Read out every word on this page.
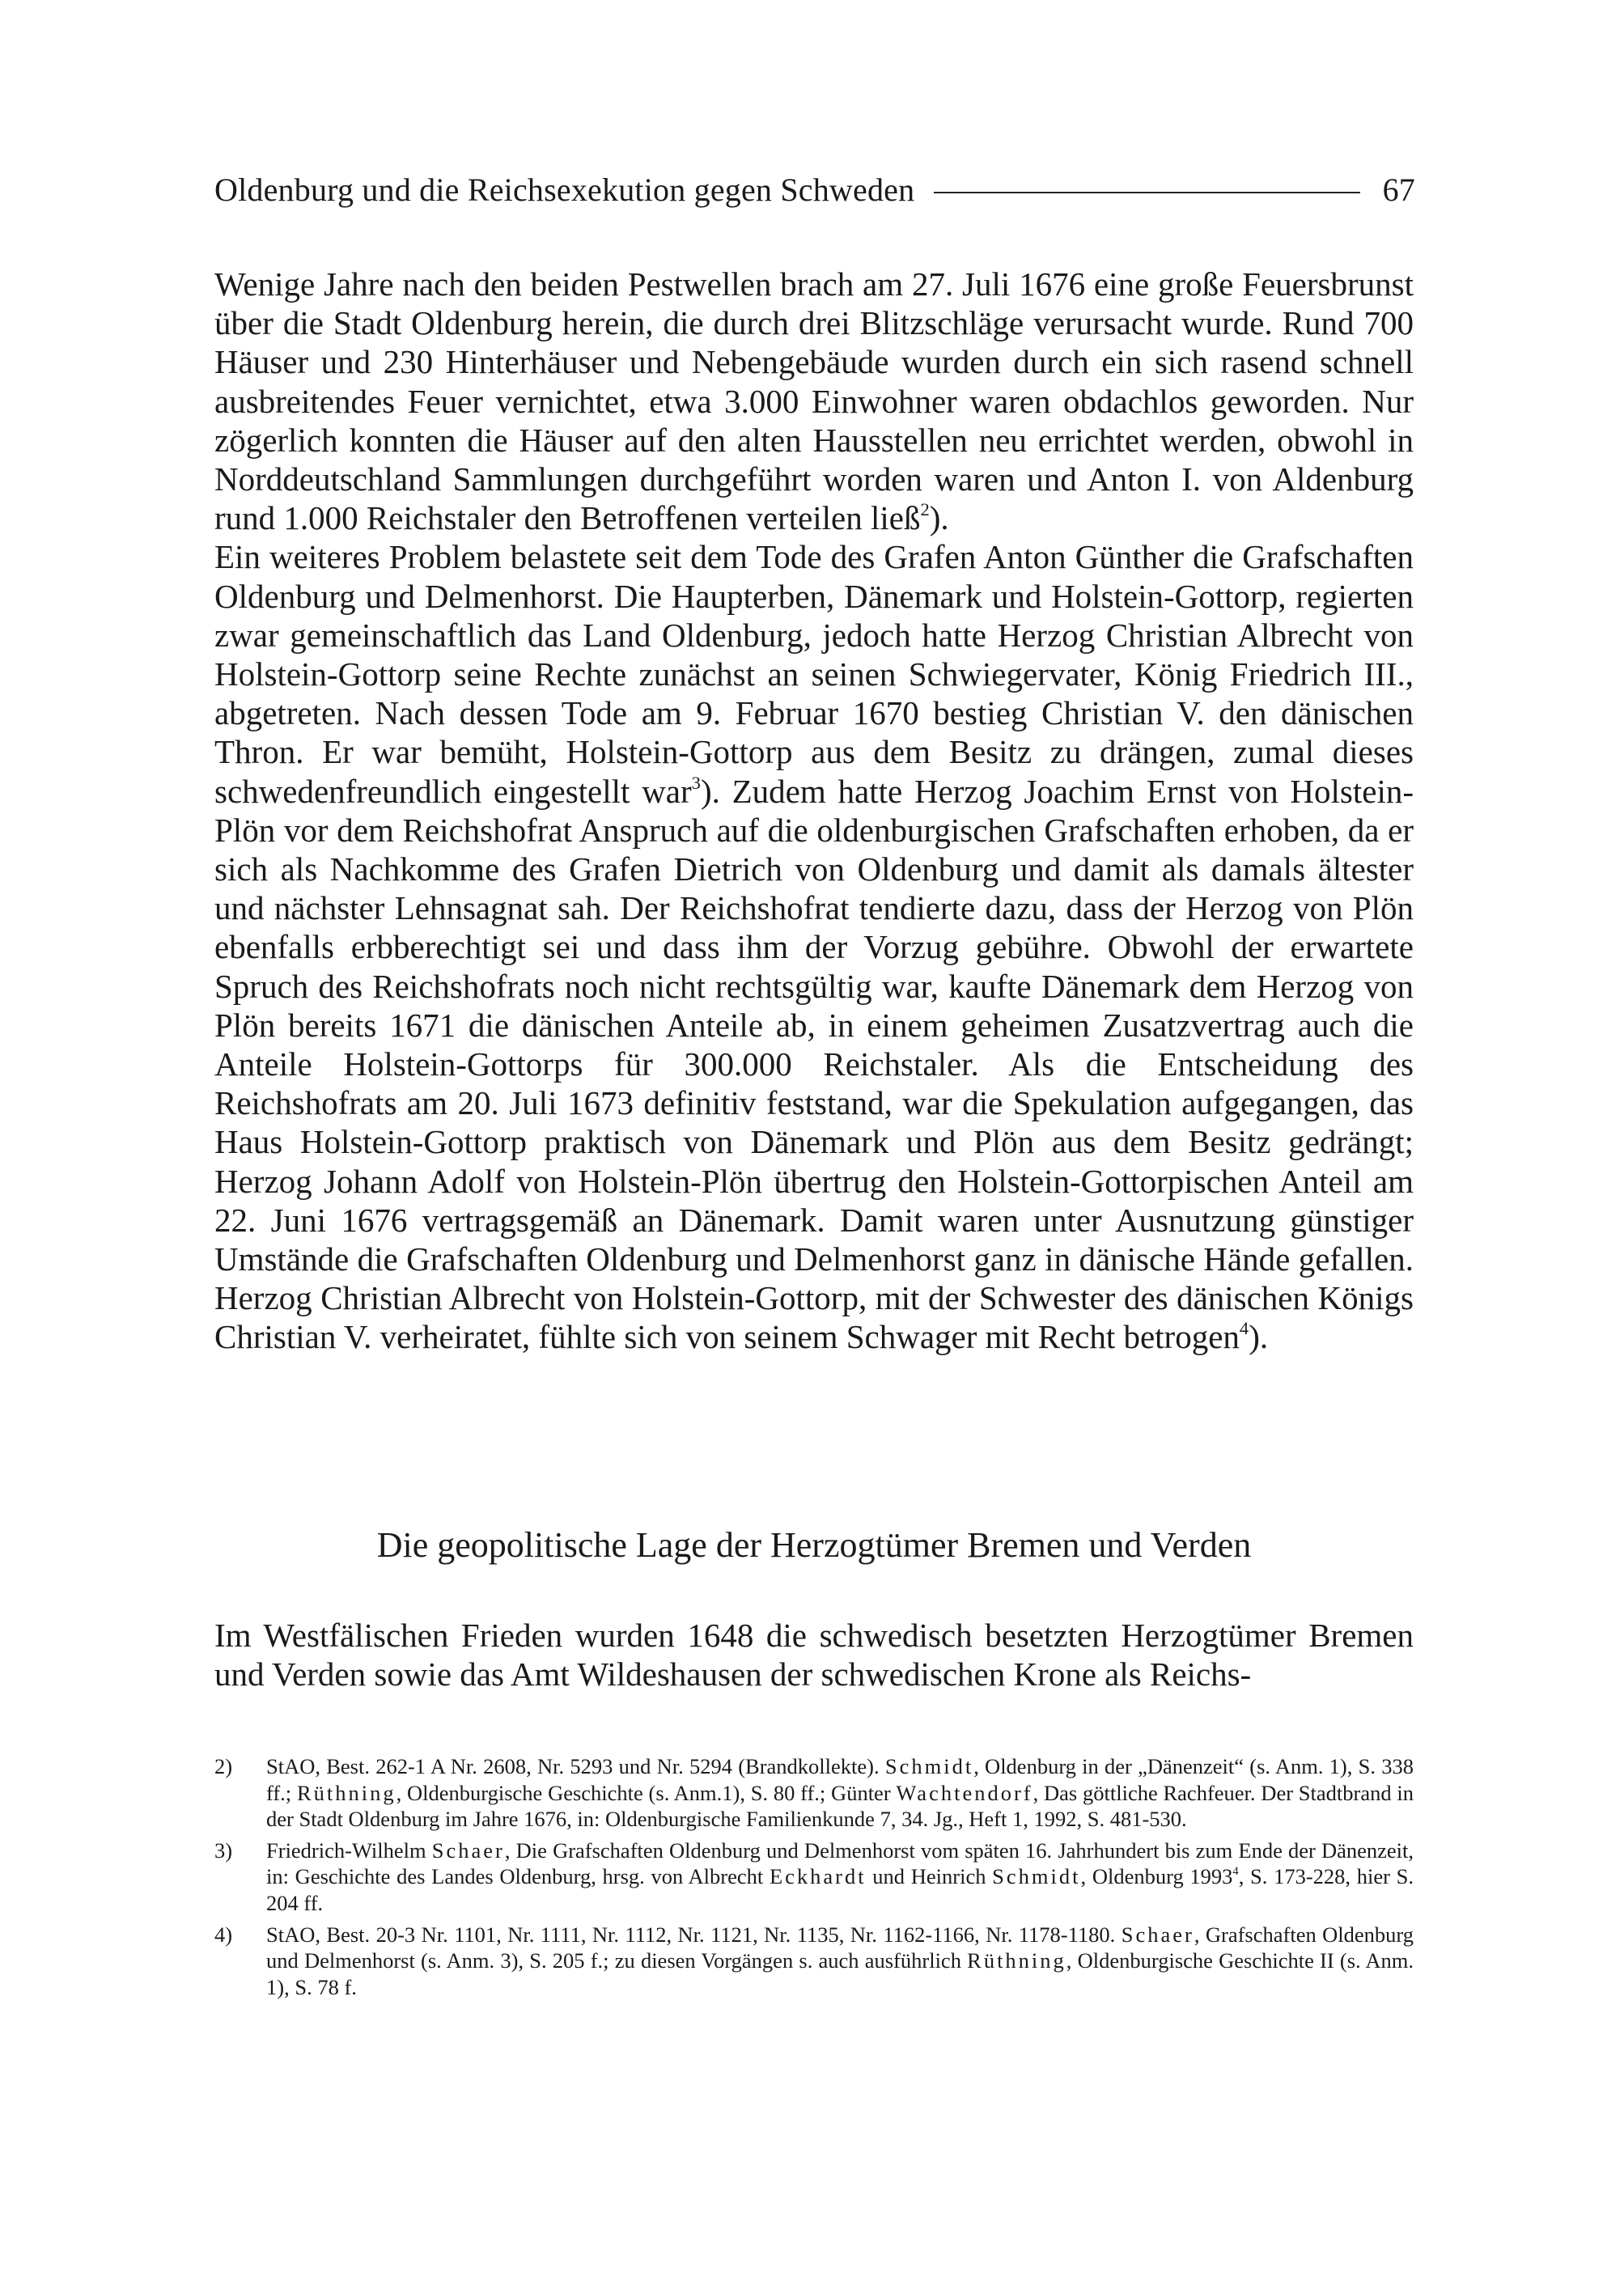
Oldenburg und die Reichsexekution gegen Schweden	67

Wenige Jahre nach den beiden Pestwellen brach am 27. Juli 1676 eine große Feuersbrunst über die Stadt Oldenburg herein, die durch drei Blitzschläge verursacht wurde. Rund 700 Häuser und 230 Hinterhäuser und Nebengebäude wurden durch ein sich rasend schnell ausbreitendes Feuer vernichtet, etwa 3.000 Einwohner waren obdachlos geworden. Nur zögerlich konnten die Häuser auf den alten Hausstellen neu errichtet werden, obwohl in Norddeutschland Sammlungen durchgeführt worden waren und Anton I. von Aldenburg rund 1.000 Reichstaler den Betroffenen verteilen ließ$^2$).

Ein weiteres Problem belastete seit dem Tode des Grafen Anton Günther die Grafschaften Oldenburg und Delmenhorst. Die Haupterben, Dänemark und Holstein-Gottorp, regierten zwar gemeinschaftlich das Land Oldenburg, jedoch hatte Herzog Christian Albrecht von Holstein-Gottorp seine Rechte zunächst an seinen Schwiegervater, König Friedrich III., abgetreten. Nach dessen Tode am 9. Februar 1670 bestieg Christian V. den dänischen Thron. Er war bemüht, Holstein-Gottorp aus dem Besitz zu drängen, zumal dieses schwedenfreundlich eingestellt war$^3$). Zudem hatte Herzog Joachim Ernst von Holstein-Plön vor dem Reichshofrat Anspruch auf die oldenburgischen Grafschaften erhoben, da er sich als Nachkomme des Grafen Dietrich von Oldenburg und damit als damals ältester und nächster Lehnsagnat sah. Der Reichshofrat tendierte dazu, dass der Herzog von Plön ebenfalls erbberechtigt sei und dass ihm der Vorzug gebühre. Obwohl der erwartete Spruch des Reichshofrats noch nicht rechtsgültig war, kaufte Dänemark dem Herzog von Plön bereits 1671 die dänischen Anteile ab, in einem geheimen Zusatzvertrag auch die Anteile Holstein-Gottorps für 300.000 Reichstaler. Als die Entscheidung des Reichshofrats am 20. Juli 1673 definitiv feststand, war die Spekulation aufgegangen, das Haus Holstein-Gottorp praktisch von Dänemark und Plön aus dem Besitz gedrängt; Herzog Johann Adolf von Holstein-Plön übertrug den Holstein-Gottorpischen Anteil am 22. Juni 1676 vertragsgemäß an Dänemark. Damit waren unter Ausnutzung günstiger Umstände die Grafschaften Oldenburg und Delmenhorst ganz in dänische Hände gefallen. Herzog Christian Albrecht von Holstein-Gottorp, mit der Schwester des dänischen Königs Christian V. verheiratet, fühlte sich von seinem Schwager mit Recht betrogen$^4$).

Die geopolitische Lage der Herzogtümer Bremen und Verden

Im Westfälischen Frieden wurden 1648 die schwedisch besetzten Herzogtümer Bremen und Verden sowie das Amt Wildeshausen der schwedischen Krone als Reichs-

2)	StAO, Best. 262-1 A Nr. 2608, Nr. 5293 und Nr. 5294 (Brandkollekte). Schmidt, Oldenburg in der „Dänenzeit“ (s. Anm. 1), S. 338 ff.; Rüthning, Oldenburgische Geschichte (s. Anm.1), S. 80 ff.; Günter Wachtendorf, Das göttliche Rachfeuer. Der Stadtbrand in der Stadt Oldenburg im Jahre 1676, in: Oldenburgische Familienkunde 7, 34. Jg., Heft 1, 1992, S. 481-530.
3)	Friedrich-Wilhelm Schaer, Die Grafschaften Oldenburg und Delmenhorst vom späten 16. Jahrhundert bis zum Ende der Dänenzeit, in: Geschichte des Landes Oldenburg, hrsg. von Albrecht Eckhardt und Heinrich Schmidt, Oldenburg 1993$^4$, S. 173-228, hier S. 204 ff.
4)	StAO, Best. 20-3 Nr. 1101, Nr. 1111, Nr. 1112, Nr. 1121, Nr. 1135, Nr. 1162-1166, Nr. 1178-1180. Schaer, Grafschaften Oldenburg und Delmenhorst (s. Anm. 3), S. 205 f.; zu diesen Vorgängen s. auch ausführlich Rüthning, Oldenburgische Geschichte II (s. Anm. 1), S. 78 f.
